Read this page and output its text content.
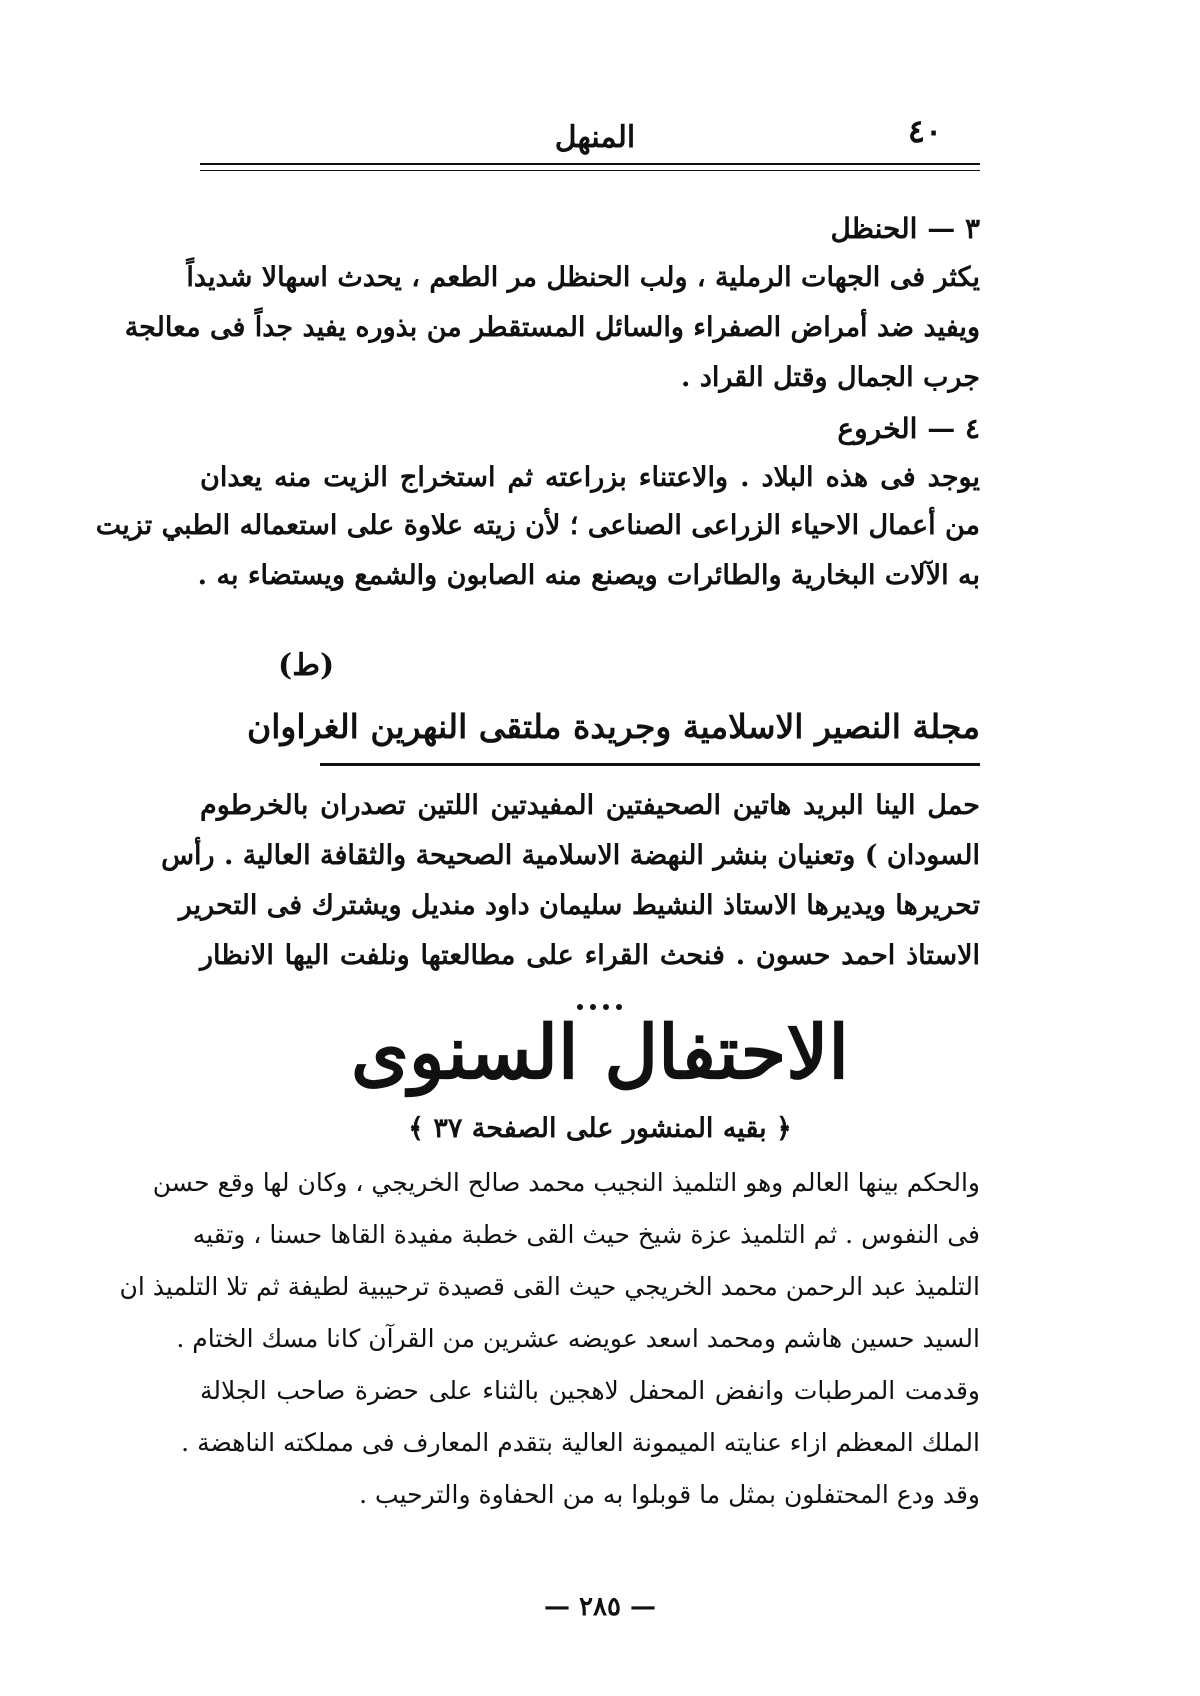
٤٠
المنهل
٣ — الحنظل
يكثر فى الجهات الرملية ، ولب الحنظل مر الطعم ، يحدث اسهالا شديداً
ويفيد ضد أمراض الصفراء والسائل المستقطر من بذوره يفيد جداً فى معالجة
جرب الجمال وقتل القراد .
٤ — الخروع
يوجد فى هذه البلاد . والاعتناء بزراعته ثم استخراج الزيت منه يعدان
من أعمال الاحياء الزراعى الصناعى ؛ لأن زيته علاوة على استعماله الطبي تزيت
به الآلات البخارية والطائرات ويصنع منه الصابون والشمع ويستضاء به .
(ط)
مجلة النصير الاسلامية وجريدة ملتقى النهرين الغراوان
حمل الينا البريد هاتين الصحيفتين المفيدتين اللتين تصدران بالخرطوم
السودان ) وتعنيان بنشر النهضة الاسلامية الصحيحة والثقافة العالية . رأس
تحريرها ويديرها الاستاذ النشيط سليمان داود منديل ويشترك فى التحرير
الاستاذ احمد حسون . فنحث القراء على مطالعتها ونلفت اليها الانظار
الاحتفال السنوى
﴿ بقيه المنشور على الصفحة ٣٧ ﴾
والحكم بينها العالم وهو التلميذ النجيب محمد صالح الخريجي ، وكان لها وقع حسن
فى النفوس . ثم التلميذ عزة شيخ حيث القى خطبة مفيدة القاها حسنا ، وتقيه
التلميذ عبد الرحمن محمد الخريجي حيث القى قصيدة ترحيبية لطيفة ثم تلا التلميذ ان
السيد حسين هاشم ومحمد اسعد عويضه عشرين من القرآن كانا مسك الختام .
وقدمت المرطبات وانفض المحفل لاهجين بالثناء على حضرة صاحب الجلالة
الملك المعظم ازاء عنايته الميمونة العالية بتقدم المعارف فى مملكته الناهضة .
وقد ودع المحتفلون بمثل ما قوبلوا به من الحفاوة والترحيب .
— ٢٨٥ —
